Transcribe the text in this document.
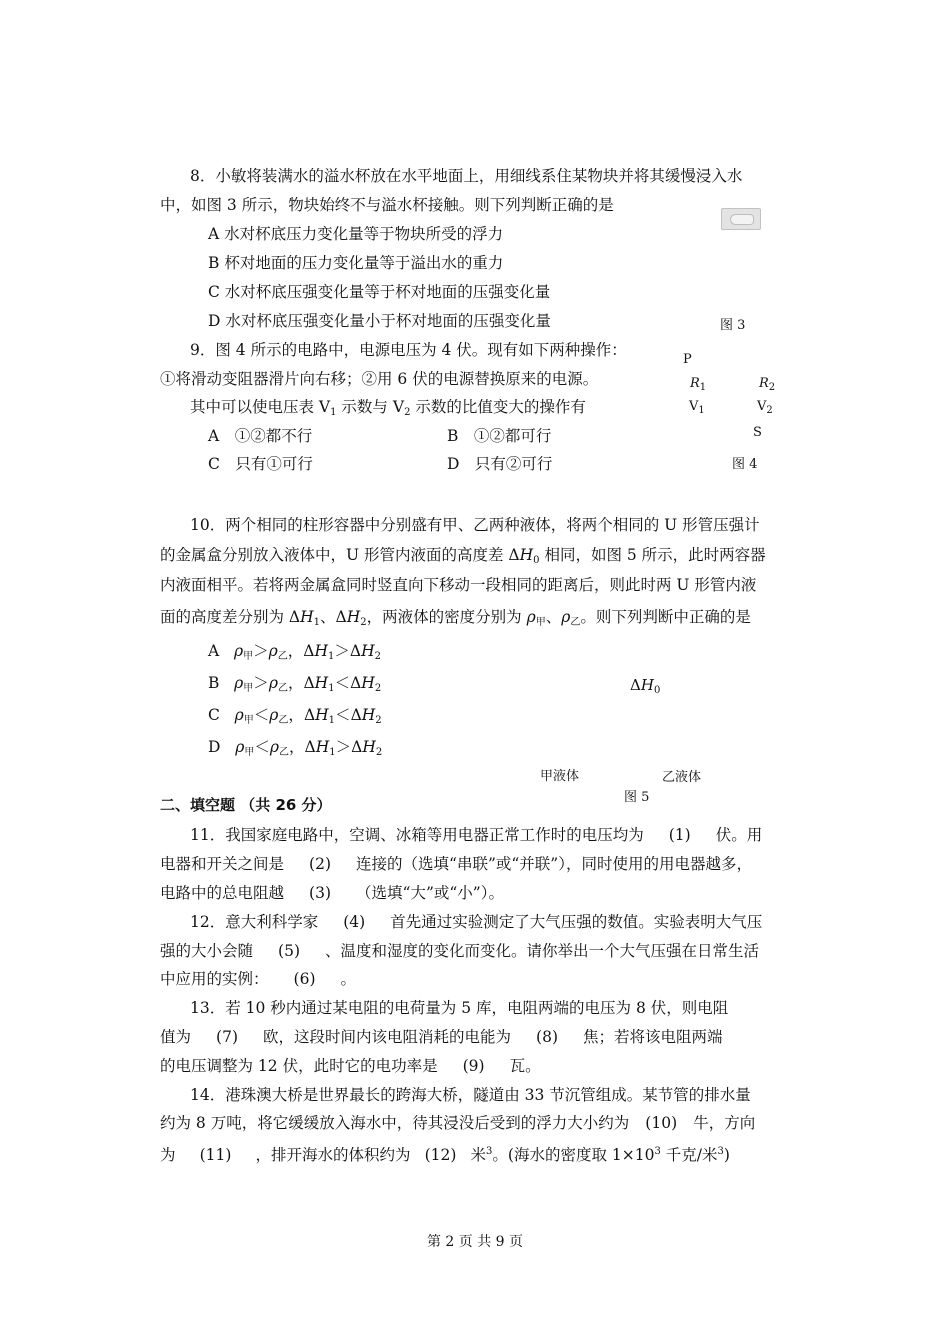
8．小敏将装满水的溢水杯放在水平地面上，用细线系住某物块并将其缓慢浸入水
中，如图 3 所示，物块始终不与溢水杯接触。则下列判断正确的是
A 水对杯底压力变化量等于物块所受的浮力
B 杯对地面的压力变化量等于溢出水的重力
C 水对杯底压强变化量等于杯对地面的压强变化量
D 水对杯底压强变化量小于杯对地面的压强变化量	图 3
9．图 4 所示的电路中，电源电压为 4 伏。现有如下两种操作：
①将滑动变阻器滑片向右移；②用 6 伏的电源替换原来的电源。
其中可以使电压表 $V_1$ 示数与 $V_2$ 示数的比值变大的操作有
A　①②都不行	B　①②都可行
C　只有①可行	D　只有②可行
P
$R_1$	$R_2$
$V_1$	$V_2$
S
图 4
10．两个相同的柱形容器中分别盛有甲、乙两种液体，将两个相同的 U 形管压强计
的金属盒分别放入液体中，U 形管内液面的高度差 $\Delta H_0$ 相同，如图 5 所示，此时两容器
内液面相平。若将两金属盒同时竖直向下移动一段相同的距离后，则此时两 U 形管内液
面的高度差分别为 $\Delta H_1$、$\Delta H_2$，两液体的密度分别为 $\rho_甲$、$\rho_乙$。则下列判断中正确的是
A $\rho_甲>\rho_乙$，$\Delta H_1>\Delta H_2$
B $\rho_甲>\rho_乙$，$\Delta H_1<\Delta H_2$
C $\rho_甲<\rho_乙$，$\Delta H_1<\Delta H_2$
D $\rho_甲<\rho_乙$，$\Delta H_1>\Delta H_2$
$\Delta H_0$
甲液体	乙液体
图 5
二、填空题 （共 26 分）
11．我国家庭电路中，空调、冰箱等用电器正常工作时的电压均为 (1) 伏。用
电器和开关之间是 (2) 连接的（选填“串联”或“并联”），同时使用的用电器越多，
电路中的总电阻越 (3) （选填“大”或“小”）。
12．意大利科学家 (4) 首先通过实验测定了大气压强的数值。实验表明大气压
强的大小会随 (5) 、温度和湿度的变化而变化。请你举出一个大气压强在日常生活
中应用的实例： (6) 。
13．若 10 秒内通过某电阻的电荷量为 5 库，电阻两端的电压为 8 伏，则电阻
值为 (7) 欧，这段时间内该电阻消耗的电能为 (8) 焦；若将该电阻两端
的电压调整为 12 伏，此时它的电功率是 (9) 瓦。
14．港珠澳大桥是世界最长的跨海大桥，隧道由 33 节沉管组成。某节管的排水量
约为 8 万吨，将它缓缓放入海水中，待其浸没后受到的浮力大小约为 (10) 牛，方向
为 (11) ，排开海水的体积约为 (12) 米$^3$。(海水的密度取 $1\times 10^3$ 千克/米$^3$)
第 2 页 共 9 页
